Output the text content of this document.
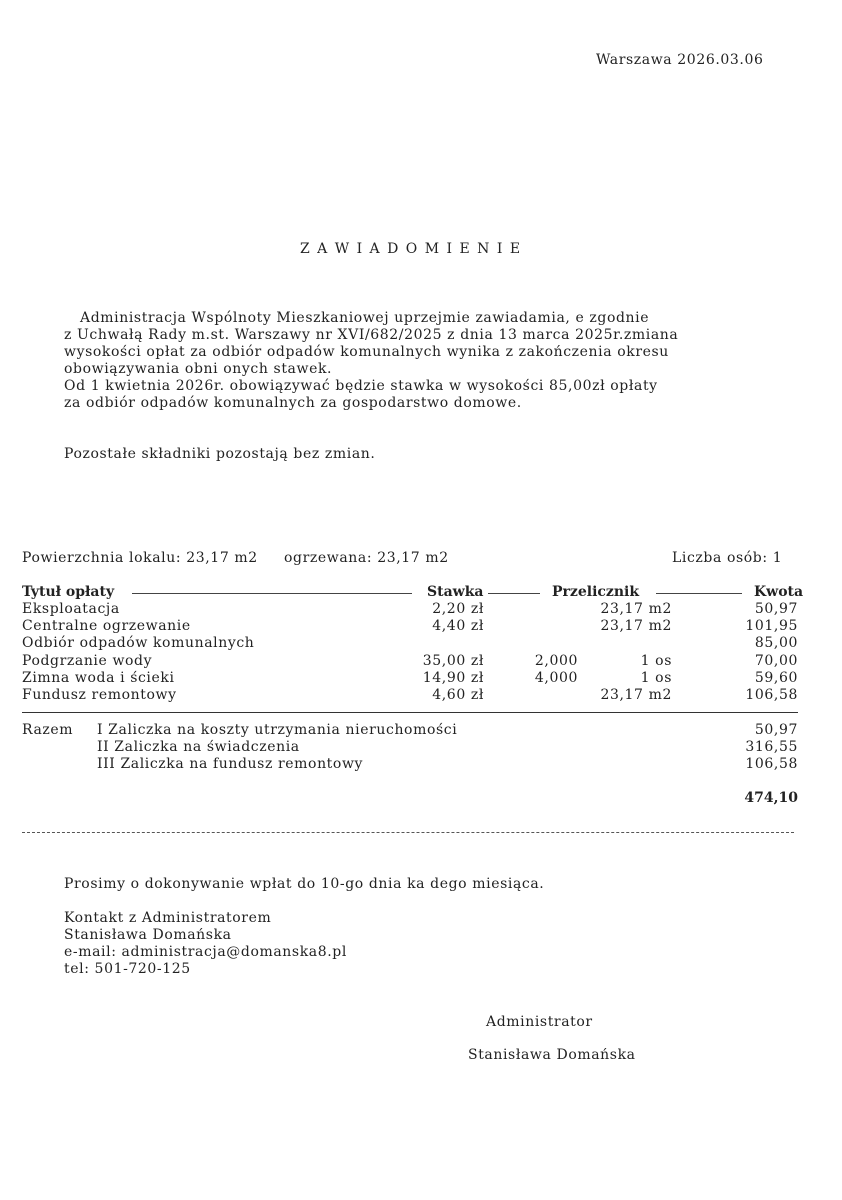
Warszawa 2026.03.06
Z A W I A D O M I E N I E
Administracja Wspólnoty Mieszkaniowej uprzejmie zawiadamia, e zgodnie
z Uchwałą Rady m.st. Warszawy nr XVI/682/2025 z dnia 13 marca 2025r.zmiana
wysokości opłat za odbiór odpadów komunalnych wynika z zakończenia okresu
obowiązywania obni onych stawek.
Od 1 kwietnia 2026r. obowiązywać będzie stawka w wysokości 85,00zł opłaty
za odbiór odpadów komunalnych za gospodarstwo domowe.
Pozostałe składniki pozostają bez zmian.
Powierzchnia lokalu: 23,17 m2 ogrzewana: 23,17 m2	Liczba osób: 1
Tytuł opłaty	Stawka	Przelicznik	Kwota
Eksploatacja	2,20 zł	23,17 m2	50,97
Centralne ogrzewanie	4,40 zł	23,17 m2	101,95
Odbiór odpadów komunalnych	85,00
Podgrzanie wody	35,00 zł	2,000	1 os	70,00
Zimna woda i ścieki	14,90 zł	4,000	1 os	59,60
Fundusz remontowy	4,60 zł	23,17 m2	106,58
Razem I Zaliczka na koszty utrzymania nieruchomości	50,97
II Zaliczka na świadczenia	316,55
III Zaliczka na fundusz remontowy	106,58
474,10
Prosimy o dokonywanie wpłat do 10-go dnia ka dego miesiąca.
Kontakt z Administratorem
Stanisława Domańska
e-mail: administracja@domanska8.pl
tel: 501-720-125
Administrator
Stanisława Domańska
